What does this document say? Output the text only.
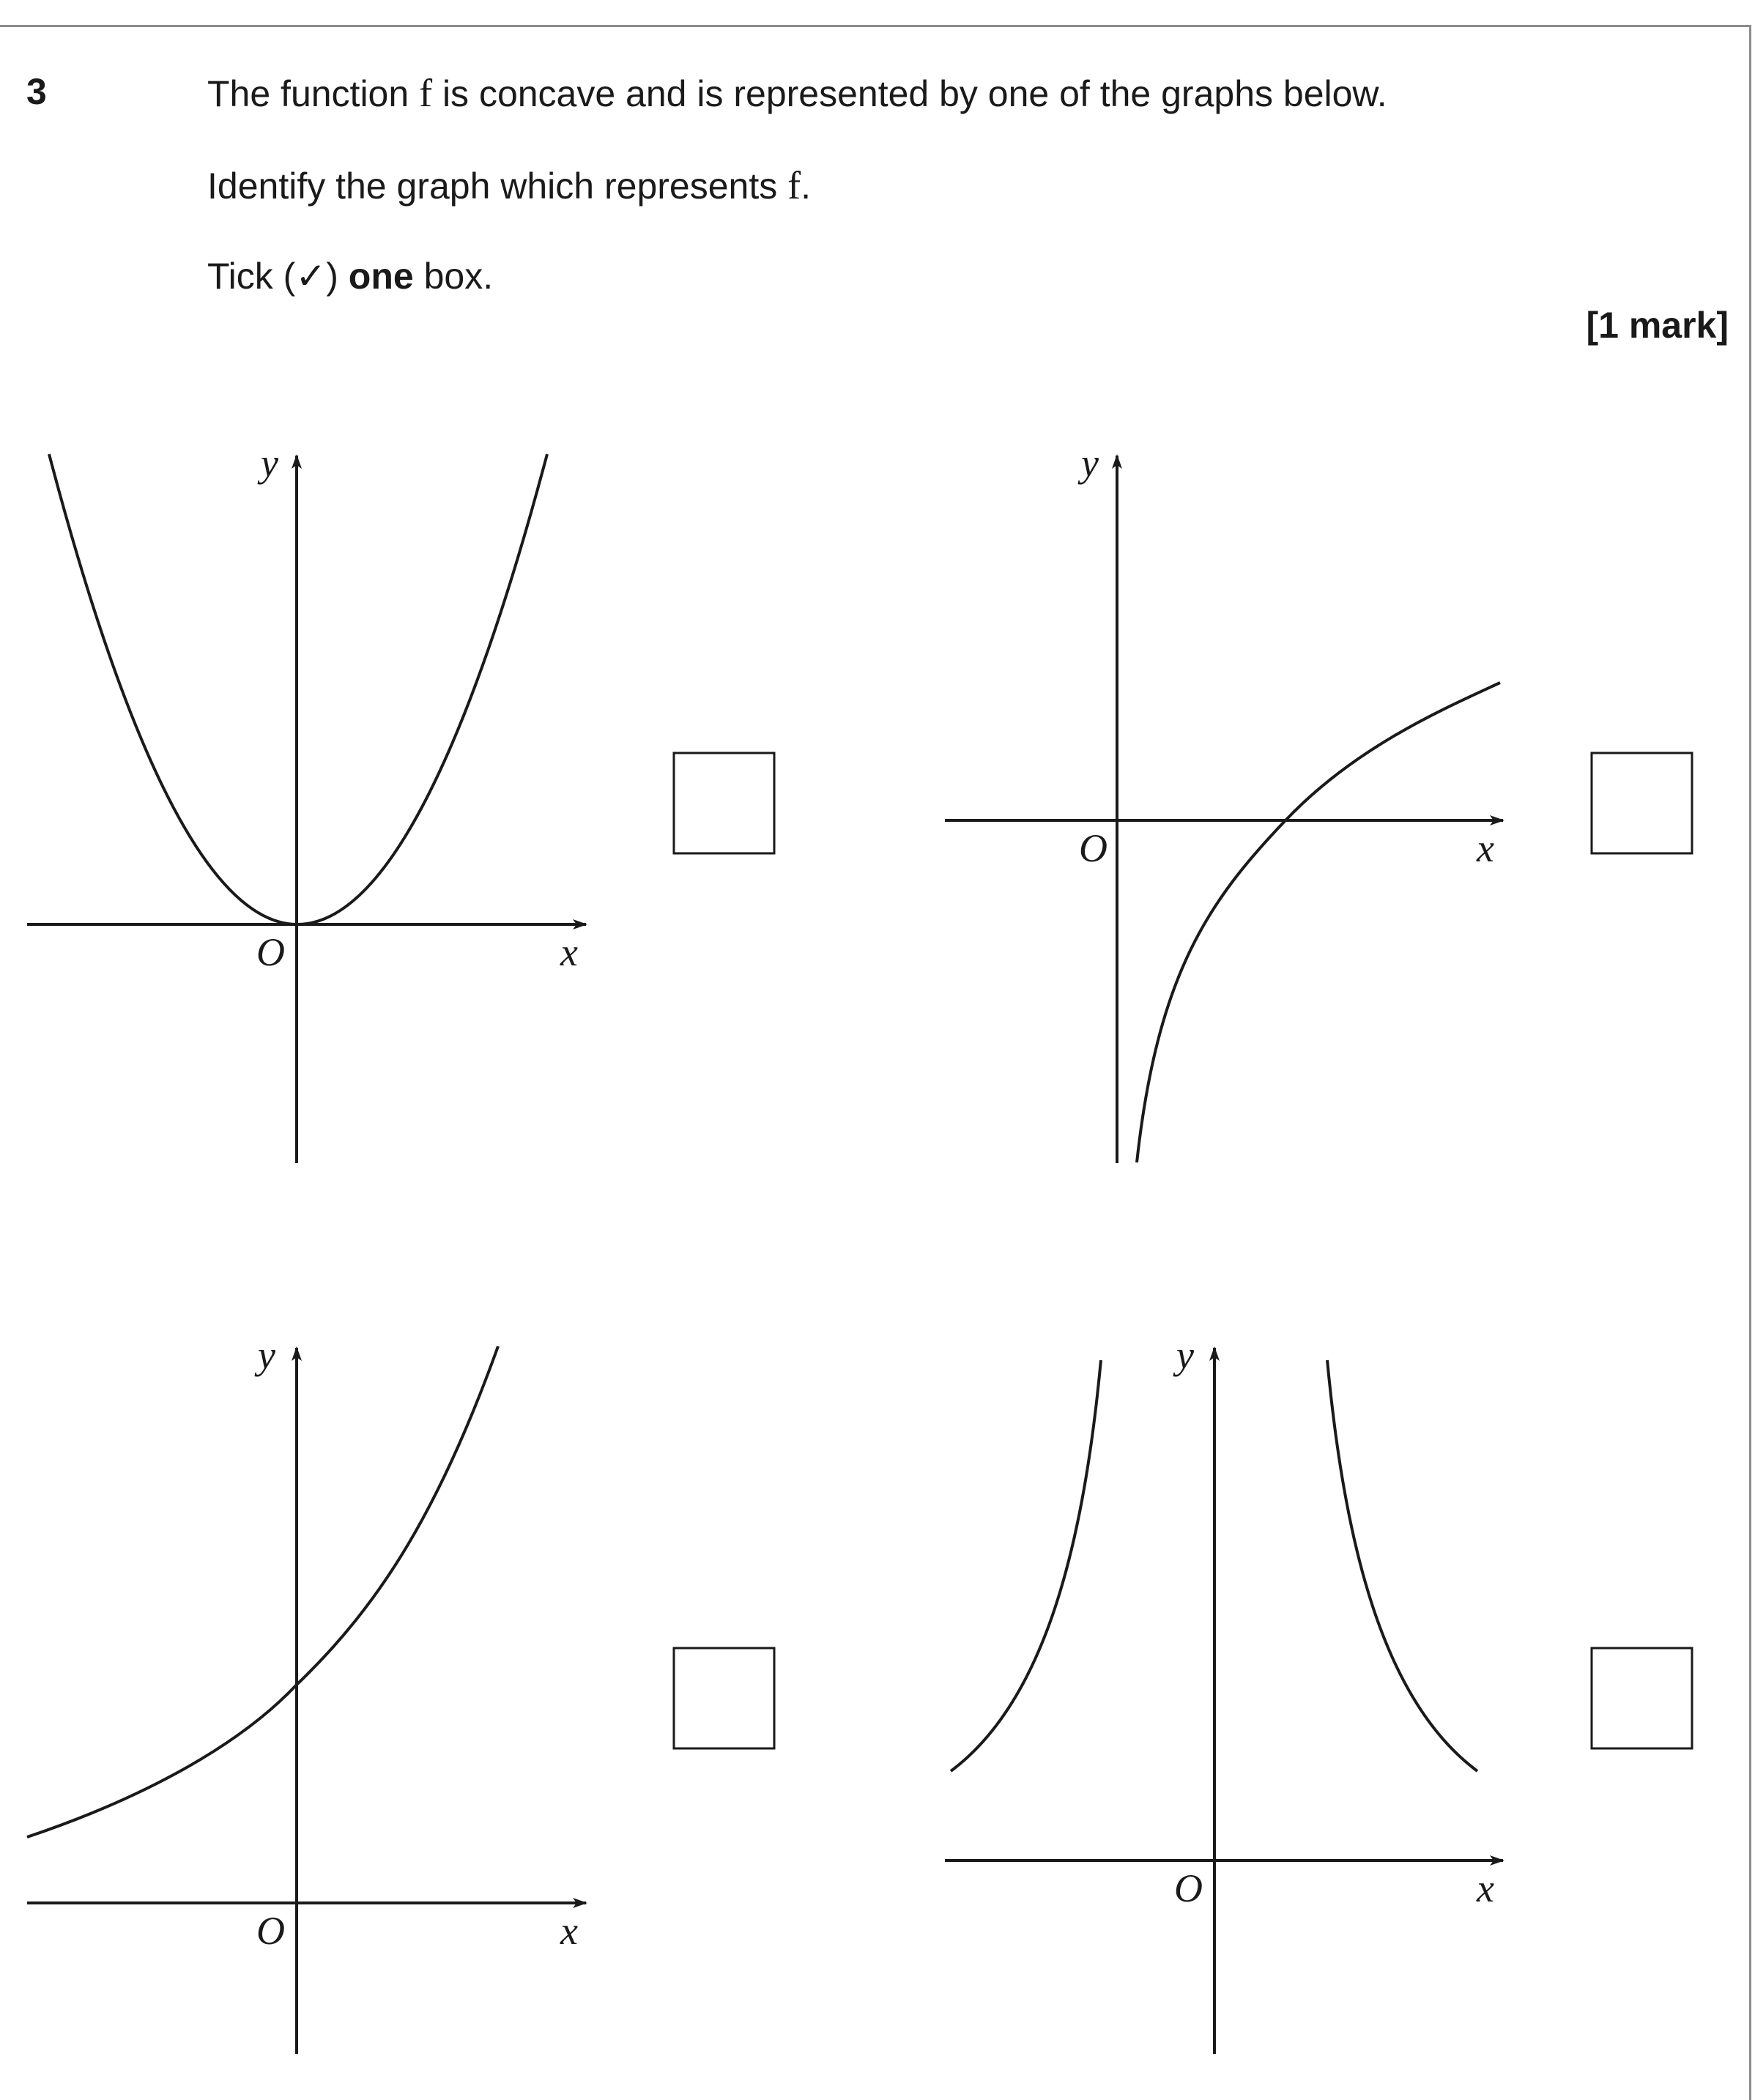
3	The function f is concave and is represented by one of the graphs below.
Identify the graph which represents f.
Tick (✓) one box.
[1 mark]
y
x
O
y
x
O
y
x
O
y
x
O
